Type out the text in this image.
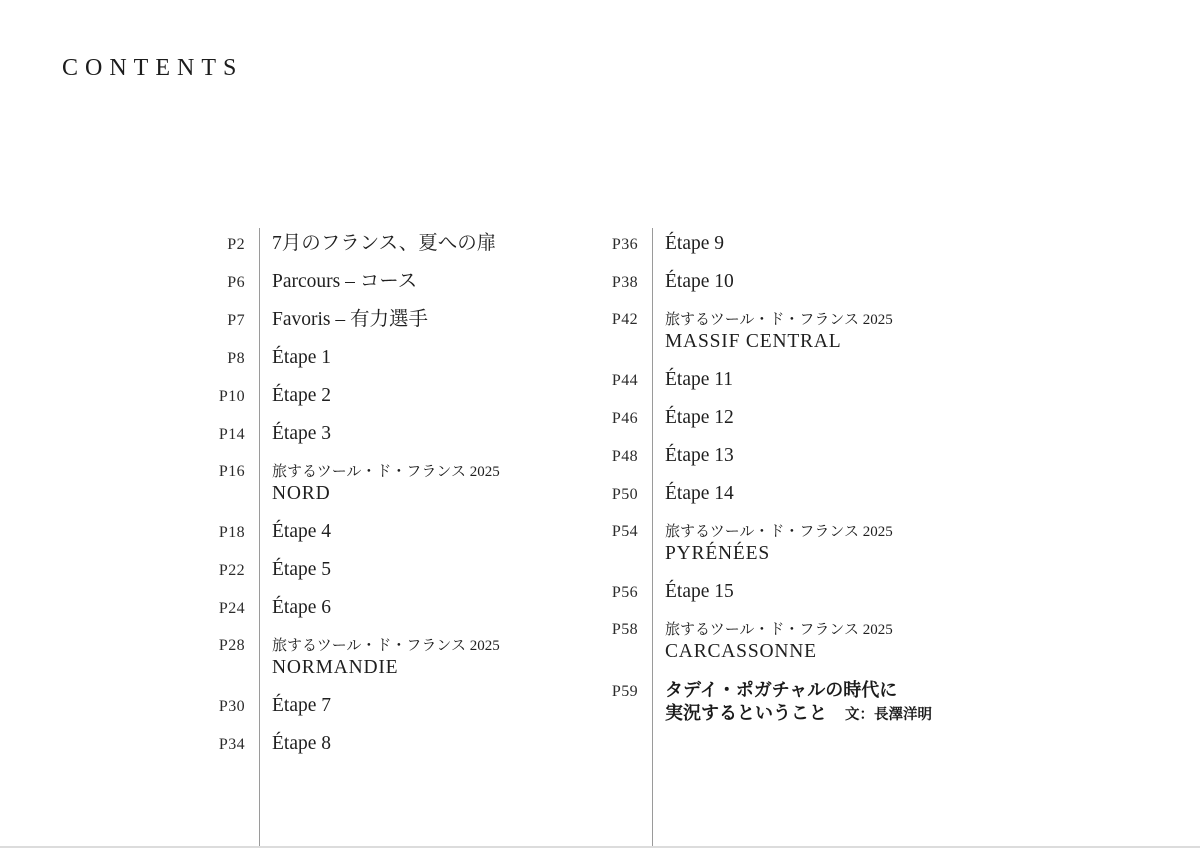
CONTENTS
P2 7月のフランス、夏への扉
P6 Parcours – コース
P7 Favoris – 有力選手
P8 Étape 1
P10 Étape 2
P14 Étape 3
P16 旅するツール・ド・フランス 2025
NORD
P18 Étape 4
P22 Étape 5
P24 Étape 6
P28 旅するツール・ド・フランス 2025
NORMANDIE
P30 Étape 7
P34 Étape 8
P36 Étape 9
P38 Étape 10
P42 旅するツール・ド・フランス 2025
MASSIF CENTRAL
P44 Étape 11
P46 Étape 12
P48 Étape 13
P50 Étape 14
P54 旅するツール・ド・フランス 2025
PYRÉNÉES
P56 Étape 15
P58 旅するツール・ド・フランス 2025
CARCASSONNE
P59 タデイ・ポガチャルの時代に
実況するということ 文：長澤洋明
